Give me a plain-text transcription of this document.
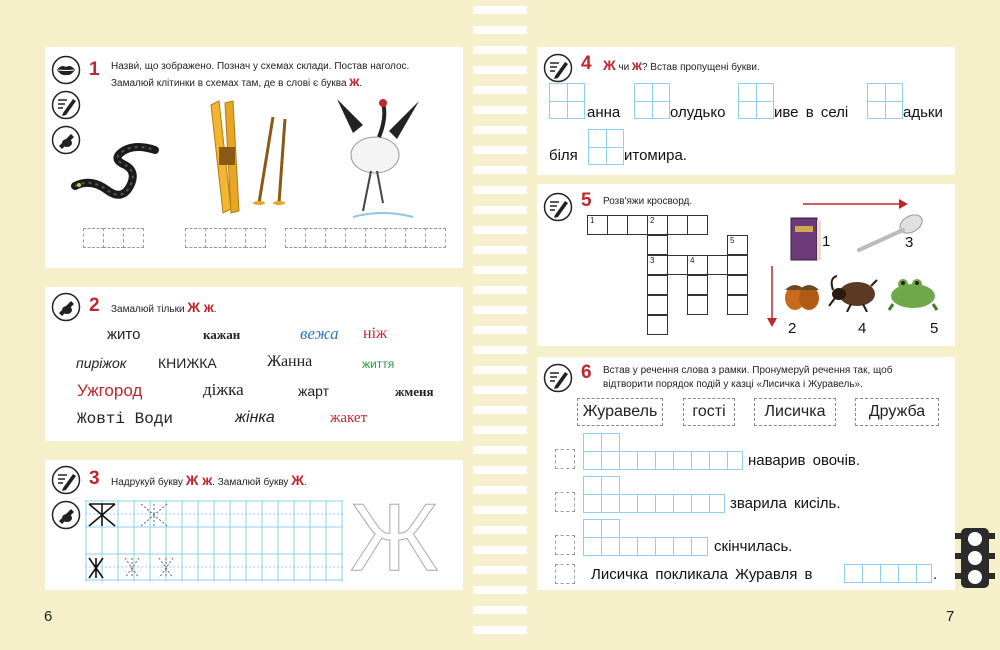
1 Назви́, що зображено. Познач у схемах склади. Постав наголос.
Замалюй клітинки в схемах там, де в слові є буква ж.
2 Замалюй тільки Ж ж.
жито	кажан	вежа ніж
пиріжок КНИЖКА	Жанна	життя
Ужгород	діжка	жарт	жменя
Жовті Води	жінка	жакет
3 Надрукуй букву Ж ж. Замалюй букву Ж.
Ж
4 Ж чи ж? Встав пропущені букви.
анна	олудько	иве в селі	адьки
біля	итомира.
5 Розв'яжи кросворд.
1	2
5
3	4
1	3
2	4	5
6 Встав у речення слова з рамки. Пронумеруй речення так, щоб
відтворити порядок подій у казці «Лисичка і Журавель».
Журавель	гості	Лисичка	Дружба
наварив овочів.
зварила кисіль.
скінчилась.
Лисичка покликала Журавля в	.
6	7
